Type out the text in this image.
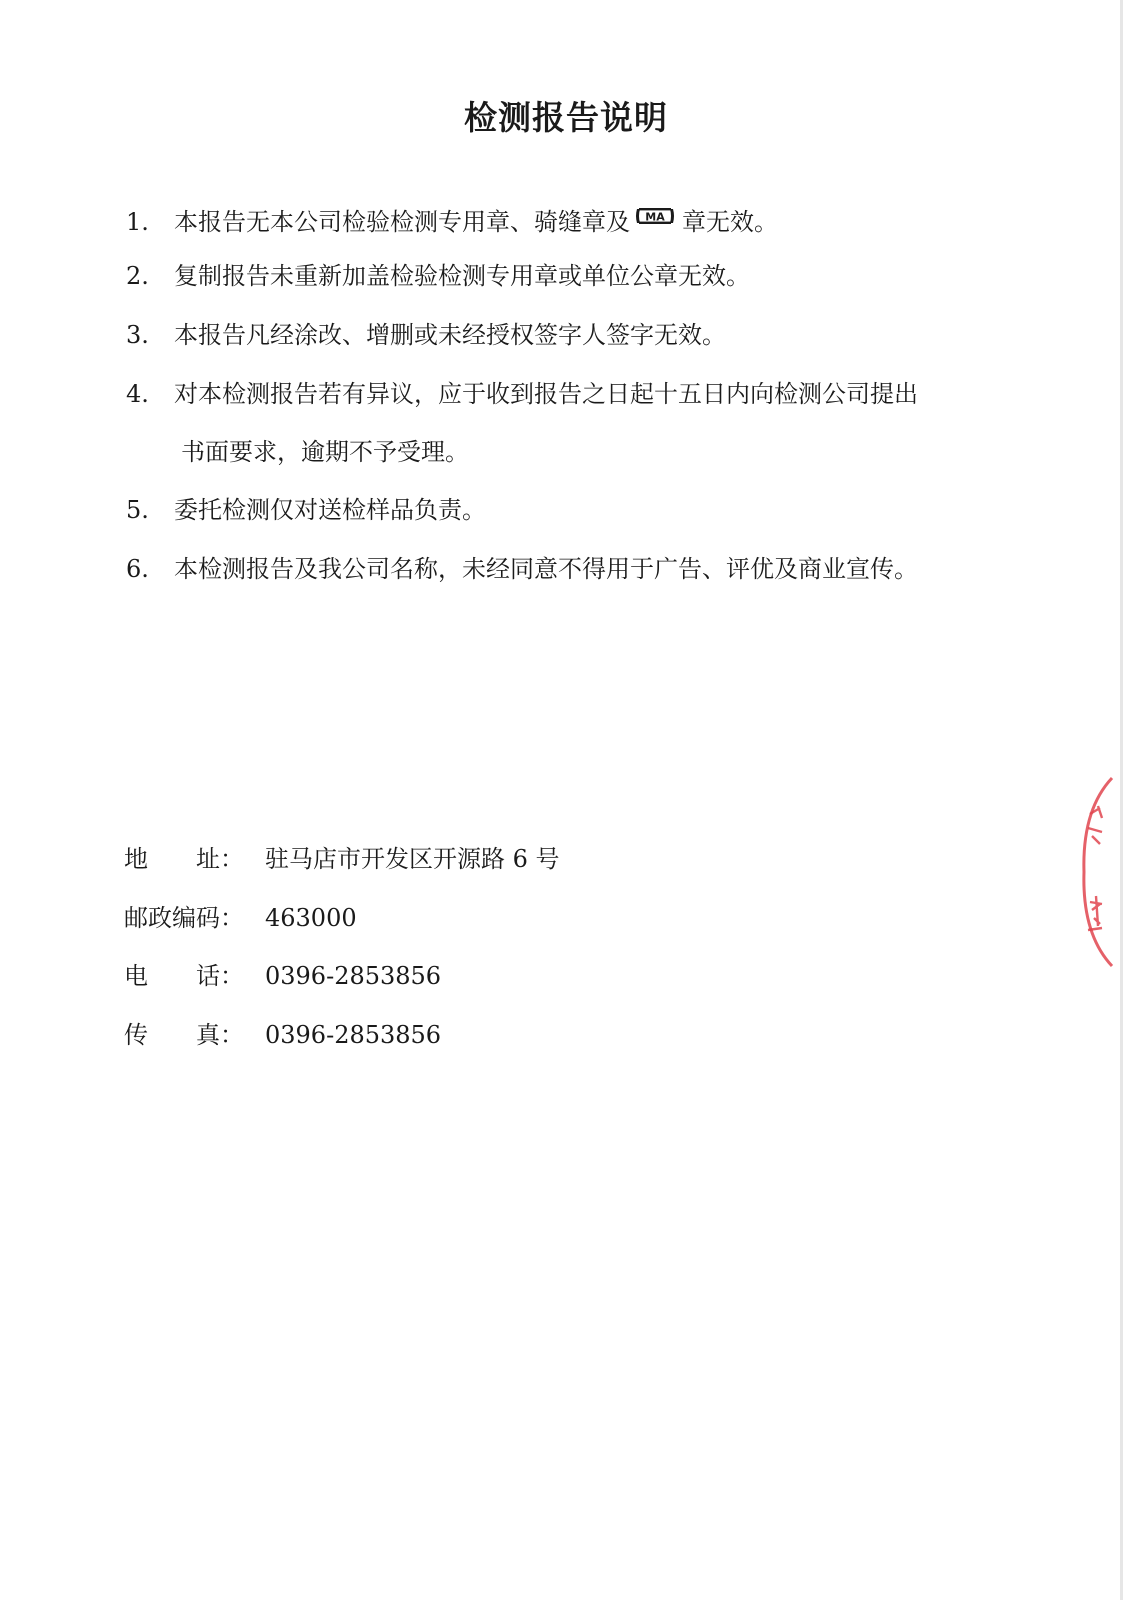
检测报告说明
1. 本报告无本公司检验检测专用章、骑缝章及 MA 章无效。
2. 复制报告未重新加盖检验检测专用章或单位公章无效。
3. 本报告凡经涂改、增删或未经授权签字人签字无效。
4. 对本检测报告若有异议，应于收到报告之日起十五日内向检测公司提出
书面要求，逾期不予受理。
5. 委托检测仅对送检样品负责。
6. 本检测报告及我公司名称，未经同意不得用于广告、评优及商业宣传。
地　　址： 驻马店市开发区开源路 6 号
邮政编码： 463000
电　　话： 0396-2853856
传　　真： 0396-2853856
